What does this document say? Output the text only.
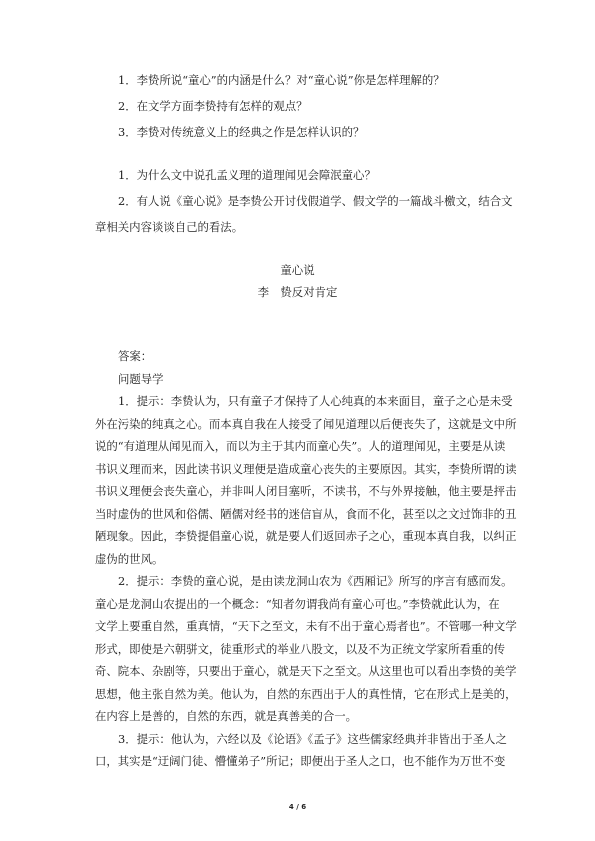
1．李贽所说“童心”的内涵是什么？对“童心说”你是怎样理解的？
2．在文学方面李贽持有怎样的观点？
3．李贽对传统意义上的经典之作是怎样认识的？
1．为什么文中说孔孟义理的道理闻见会障泯童心？
2．有人说《童心说》是李贽公开讨伐假道学、假文学的一篇战斗檄文，结合文
章相关内容谈谈自己的看法。
童心说
李　贽反对肯定
答案：
问题导学
1．提示：李贽认为，只有童子才保持了人心纯真的本来面目，童子之心是未受
外在污染的纯真之心。而本真自我在人接受了闻见道理以后便丧失了，这就是文中所
说的“有道理从闻见而入，而以为主于其内而童心失”。人的道理闻见，主要是从读
书识义理而来，因此读书识义理便是造成童心丧失的主要原因。其实，李贽所谓的读
书识义理便会丧失童心，并非叫人闭目塞听，不读书，不与外界接触，他主要是抨击
当时虚伪的世风和俗儒、陋儒对经书的迷信盲从，食而不化，甚至以之文过饰非的丑
陋现象。因此，李贽提倡童心说，就是要人们返回赤子之心，重现本真自我，以纠正
虚伪的世风。
2．提示：李贽的童心说，是由读龙洞山农为《西厢记》所写的序言有感而发。
童心是龙洞山农提出的一个概念：“知者勿谓我尚有童心可也。”李贽就此认为，在
文学上要重自然，重真情，“天下之至文，未有不出于童心焉者也”。不管哪一种文学
形式，即使是六朝骈文，徒重形式的举业八股文，以及不为正统文学家所看重的传
奇、院本、杂剧等，只要出于童心，就是天下之至文。从这里也可以看出李贽的美学
思想，他主张自然为美。他认为，自然的东西出于人的真性情，它在形式上是美的，
在内容上是善的，自然的东西，就是真善美的合一。
3．提示：他认为，六经以及《论语》《孟子》这些儒家经典并非皆出于圣人之
口，其实是“迂阔门徒、懵懂弟子”所记；即便出于圣人之口，也不能作为万世不变
4 / 6
